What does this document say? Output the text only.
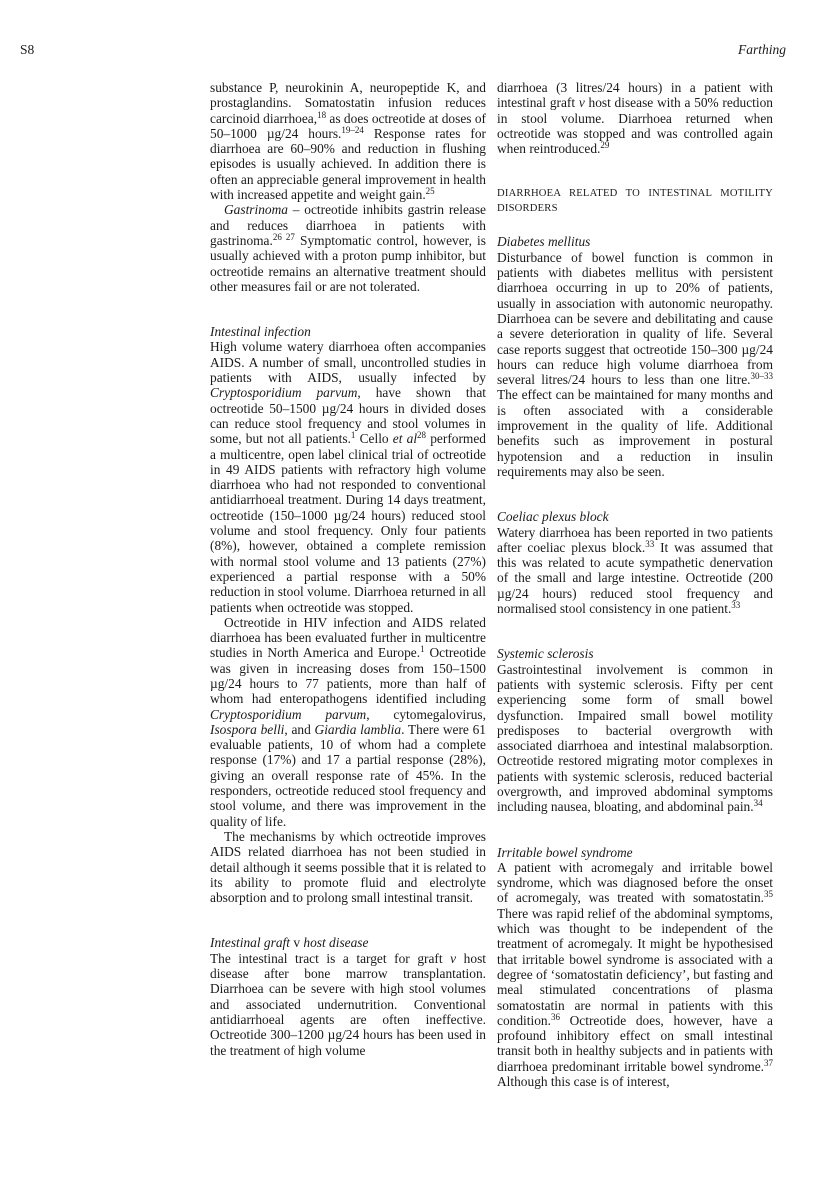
S8	Farthing

substance P, neurokinin A, neuropeptide K, and prostaglandins. Somatostatin infusion reduces carcinoid diarrhoea,$^{18}$ as does octreotide at doses of 50–1000 µg/24 hours.$^{19-24}$ Response rates for diarrhoea are 60–90% and reduction in flushing episodes is usually achieved. In addition there is often an appreciable general improvement in health with increased appetite and weight gain.$^{25}$

Gastrinoma – octreotide inhibits gastrin release and reduces diarrhoea in patients with gastrinoma.$^{26 27}$ Symptomatic control, however, is usually achieved with a proton pump inhibitor, but octreotide remains an alternative treatment should other measures fail or are not tolerated.

Intestinal infection

High volume watery diarrhoea often accompanies AIDS. A number of small, uncontrolled studies in patients with AIDS, usually infected by Cryptosporidium parvum, have shown that octreotide 50–1500 µg/24 hours in divided doses can reduce stool frequency and stool volumes in some, but not all patients.$^1$ Cello et al$^{28}$ performed a multicentre, open label clinical trial of octreotide in 49 AIDS patients with refractory high volume diarrhoea who had not responded to conventional antidiarrhoeal treatment. During 14 days treatment, octreotide (150–1000 µg/24 hours) reduced stool volume and stool frequency. Only four patients (8%), however, obtained a complete remission with normal stool volume and 13 patients (27%) experienced a partial response with a 50% reduction in stool volume. Diarrhoea returned in all patients when octreotide was stopped.

Octreotide in HIV infection and AIDS related diarrhoea has been evaluated further in multicentre studies in North America and Europe.$^1$ Octreotide was given in increasing doses from 150–1500 µg/24 hours to 77 patients, more than half of whom had enteropathogens identified including Cryptosporidium parvum, cytomegalovirus, Isospora belli, and Giardia lamblia. There were 61 evaluable patients, 10 of whom had a complete response (17%) and 17 a partial response (28%), giving an overall response rate of 45%. In the responders, octreotide reduced stool frequency and stool volume, and there was improvement in the quality of life.

The mechanisms by which octreotide improves AIDS related diarrhoea has not been studied in detail although it seems possible that it is related to its ability to promote fluid and electrolyte absorption and to prolong small intestinal transit.

Intestinal graft v host disease

The intestinal tract is a target for graft v host disease after bone marrow transplantation. Diarrhoea can be severe with high stool volumes and associated undernutrition. Conventional antidiarrhoeal agents are often ineffective. Octreotide 300–1200 µg/24 hours has been used in the treatment of high volume

diarrhoea (3 litres/24 hours) in a patient with intestinal graft v host disease with a 50% reduction in stool volume. Diarrhoea returned when octreotide was stopped and was controlled again when reintroduced.$^{29}$

DIARRHOEA RELATED TO INTESTINAL MOTILITY DISORDERS
Diabetes mellitus

Disturbance of bowel function is common in patients with diabetes mellitus with persistent diarrhoea occurring in up to 20% of patients, usually in association with autonomic neuropathy. Diarrhoea can be severe and debilitating and cause a severe deterioration in quality of life. Several case reports suggest that octreotide 150–300 µg/24 hours can reduce high volume diarrhoea from several litres/24 hours to less than one litre.$^{30-33}$ The effect can be maintained for many months and is often associated with a considerable improvement in the quality of life. Additional benefits such as improvement in postural hypotension and a reduction in insulin requirements may also be seen.

Coeliac plexus block

Watery diarrhoea has been reported in two patients after coeliac plexus block.$^{33}$ It was assumed that this was related to acute sympathetic denervation of the small and large intestine. Octreotide (200 µg/24 hours) reduced stool frequency and normalised stool consistency in one patient.$^{33}$

Systemic sclerosis

Gastrointestinal involvement is common in patients with systemic sclerosis. Fifty per cent experiencing some form of small bowel dysfunction. Impaired small bowel motility predisposes to bacterial overgrowth with associated diarrhoea and intestinal malabsorption. Octreotide restored migrating motor complexes in patients with systemic sclerosis, reduced bacterial overgrowth, and improved abdominal symptoms including nausea, bloating, and abdominal pain.$^{34}$

Irritable bowel syndrome

A patient with acromegaly and irritable bowel syndrome, which was diagnosed before the onset of acromegaly, was treated with somatostatin.$^{35}$ There was rapid relief of the abdominal symptoms, which was thought to be independent of the treatment of acromegaly. It might be hypothesised that irritable bowel syndrome is associated with a degree of ‘somatostatin deficiency’, but fasting and meal stimulated concentrations of plasma somatostatin are normal in patients with this condition.$^{36}$ Octreotide does, however, have a profound inhibitory effect on small intestinal transit both in healthy subjects and in patients with diarrhoea predominant irritable bowel syndrome.$^{37}$ Although this case is of interest,
